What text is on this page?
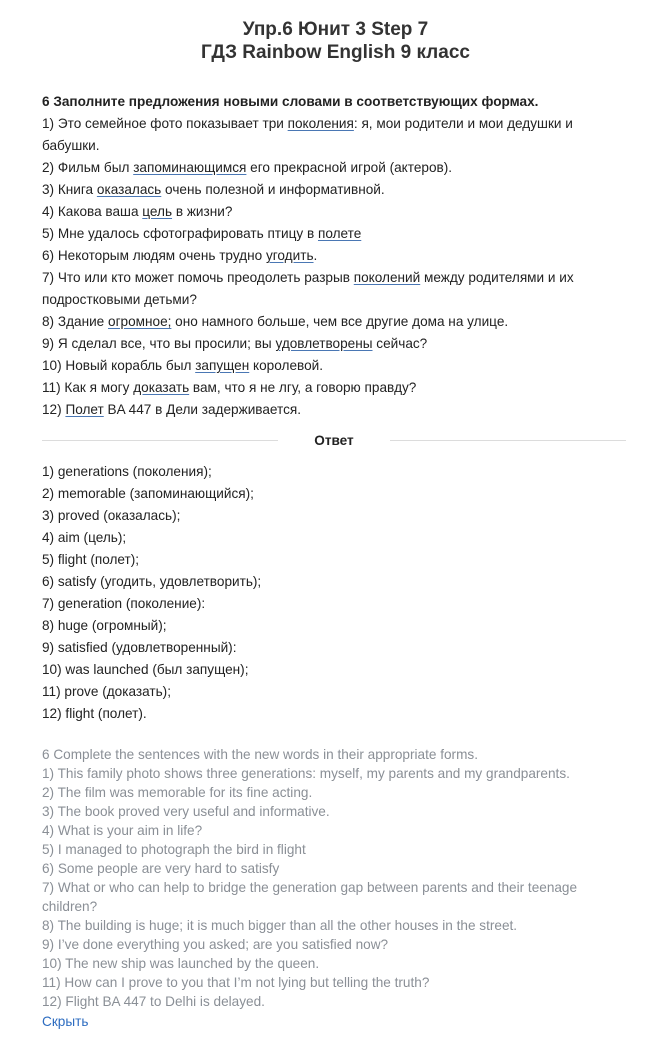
Упр.6 Юнит 3 Step 7
ГДЗ Rainbow English 9 класс
6 Заполните предложения новыми словами в соответствующих формах.
1) Это семейное фото показывает три поколения: я, мои родители и мои дедушки и бабушки.
2) Фильм был запоминающимся его прекрасной игрой (актеров).
3) Книга оказалась очень полезной и информативной.
4) Какова ваша цель в жизни?
5) Мне удалось сфотографировать птицу в полете
6) Некоторым людям очень трудно угодить.
7) Что или кто может помочь преодолеть разрыв поколений между родителями и их подростковыми детьми?
8) Здание огромное; оно намного больше, чем все другие дома на улице.
9) Я сделал все, что вы просили; вы удовлетворены сейчас?
10) Новый корабль был запущен королевой.
11) Как я могу доказать вам, что я не лгу, а говорю правду?
12) Полет BA 447 в Дели задерживается.
Ответ
1) generations (поколения);
2) memorable (запоминающийся);
3) proved (оказалась);
4) aim (цель);
5) flight (полет);
6) satisfy (угодить, удовлетворить);
7) generation (поколение):
8) huge (огромный);
9) satisfied (удовлетворенный):
10) was launched (был запущен);
11) prove (доказать);
12) flight (полет).
6 Complete the sentences with the new words in their appropriate forms.
1) This family photo shows three generations: myself, my parents and my grandparents.
2) The film was memorable for its fine acting.
3) The book proved very useful and informative.
4) What is your aim in life?
5) I managed to photograph the bird in flight
6) Some people are very hard to satisfy
7) What or who can help to bridge the generation gap between parents and their teenage children?
8) The building is huge; it is much bigger than all the other houses in the street.
9) I’ve done everything you asked; are you satisfied now?
10) The new ship was launched by the queen.
11) How can I prove to you that I’m not lying but telling the truth?
12) Flight BA 447 to Delhi is delayed.
Скрыть
